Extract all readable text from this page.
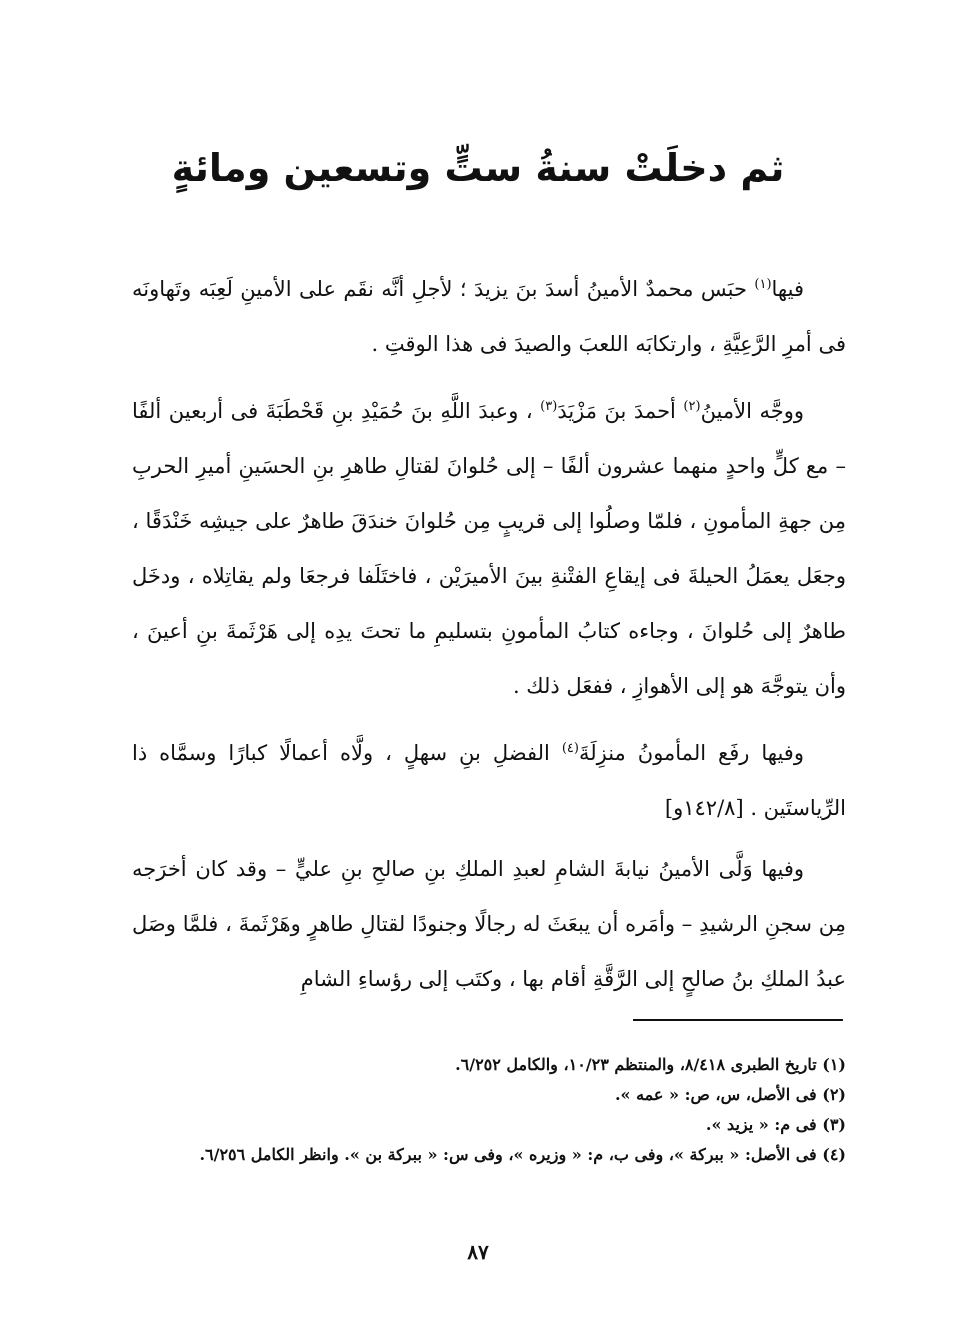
ثم دخلَتْ سنةُ ستٍّ وتسعين ومائةٍ

فيها$^{(١)}$ حبَس محمدٌ الأمينُ أسدَ بنَ يزيدَ ؛ لأجلِ أنَّه نقَم على الأمينِ لَعِبَه وتَهاونَه فى أمرِ الرَّعِيَّةِ ، وارتكابَه اللعبَ والصيدَ فى هذا الوقتِ .

ووجَّه الأمينُ$^{(٢)}$ أحمدَ بنَ مَزْيَدَ$^{(٣)}$ ، وعبدَ اللَّهِ بنَ حُمَيْدِ بنِ قَحْطَبَةَ فى أربعين ألفًا – مع كلٍّ واحدٍ منهما عشرون ألفًا – إلى حُلوانَ لقتالِ طاهرِ بنِ الحسَينِ أميرِ الحربِ مِن جهةِ المأمونِ ، فلمّا وصلُوا إلى قريبٍ مِن حُلوانَ خندَقَ طاهرٌ على جيشِه خَنْدَقًا ، وجعَل يعمَلُ الحيلةَ فى إيقاعِ الفتْنةِ بينَ الأميرَيْن ، فاختَلَفا فرجعَا ولم يقاتِلاه ، ودخَل طاهرٌ إلى حُلوانَ ، وجاءه كتابُ المأمونِ بتسليمِ ما تحتَ يدِه إلى هَرْثَمةَ بنِ أعينَ ، وأن يتوجَّهَ هو إلى الأهوازِ ، ففعَل ذلك .

وفيها رفَع المأمونُ منزِلَةَ$^{(٤)}$ الفضلِ بنِ سهلٍ ، ولَّاه أعمالًا كبارًا وسمَّاه ذا الرِّياستَين . [١٤٢/٨و]

وفيها وَلَّى الأمينُ نيابةَ الشامِ لعبدِ الملكِ بنِ صالحِ بنِ عليٍّ – وقد كان أخرَجه مِن سجنِ الرشيدِ – وأمَره أن يبعَثَ له رجالًا وجنودًا لقتالِ طاهرٍ وهَرْثَمةَ ، فلمَّا وصَل عبدُ الملكِ بنُ صالحٍ إلى الرَّقَّةِ أقام بها ، وكتَب إلى رؤساءِ الشامِ

(١) تاريخ الطبرى ٨/٤١٨، والمنتظم ١٠/٢٣، والكامل ٦/٢٥٢.

(٢) فى الأصل، س، ص: « عمه ».

(٣) فى م: « يزيد ».

(٤) فى الأصل: « ببركة »، وفى ب، م: « وزيره »، وفى س: « ببركة بن ». وانظر الكامل ٦/٢٥٦.

٨٧
